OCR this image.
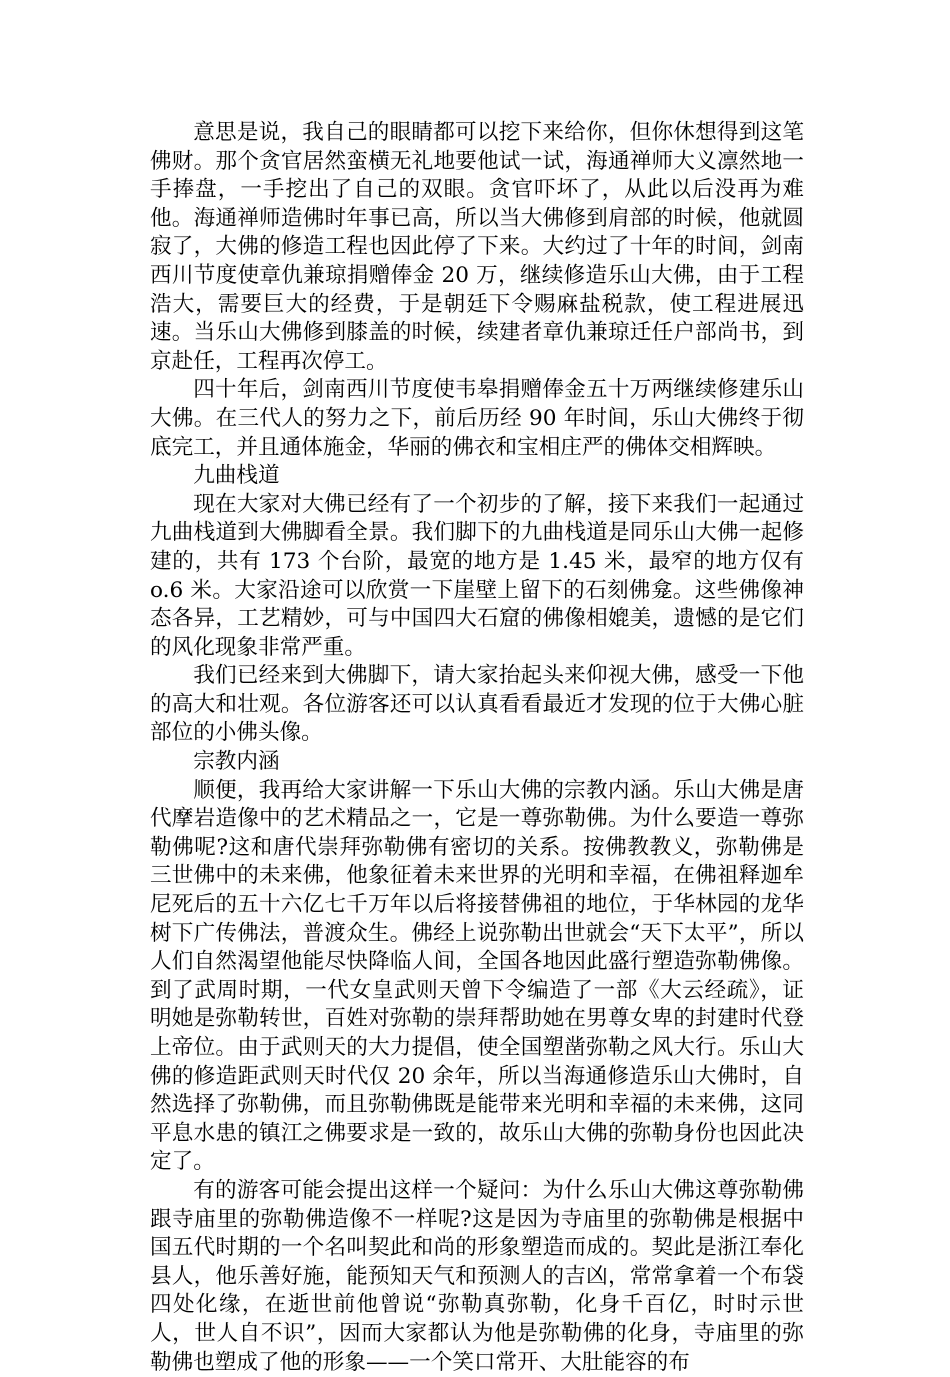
意思是说，我自己的眼睛都可以挖下来给你，但你休想得到这笔佛财。那个贪官居然蛮横无礼地要他试一试，海通禅师大义凛然地一手捧盘，一手挖出了自己的双眼。贪官吓坏了，从此以后没再为难他。海通禅师造佛时年事已高，所以当大佛修到肩部的时候，他就圆寂了，大佛的修造工程也因此停了下来。大约过了十年的时间，剑南西川节度使章仇兼琼捐赠俸金 20 万，继续修造乐山大佛，由于工程浩大，需要巨大的经费，于是朝廷下令赐麻盐税款，使工程进展迅速。当乐山大佛修到膝盖的时候，续建者章仇兼琼迁任户部尚书，到京赴任，工程再次停工。

四十年后，剑南西川节度使韦皋捐赠俸金五十万两继续修建乐山大佛。在三代人的努力之下，前后历经 90 年时间，乐山大佛终于彻底完工，并且通体施金，华丽的佛衣和宝相庄严的佛体交相辉映。

九曲栈道

现在大家对大佛已经有了一个初步的了解，接下来我们一起通过九曲栈道到大佛脚看全景。我们脚下的九曲栈道是同乐山大佛一起修建的，共有 173 个台阶，最宽的地方是 1.45 米，最窄的地方仅有 o.6 米。大家沿途可以欣赏一下崖壁上留下的石刻佛龛。这些佛像神态各异，工艺精妙，可与中国四大石窟的佛像相媲美，遗憾的是它们的风化现象非常严重。

我们已经来到大佛脚下，请大家抬起头来仰视大佛，感受一下他的高大和壮观。各位游客还可以认真看看最近才发现的位于大佛心脏部位的小佛头像。

宗教内涵

顺便，我再给大家讲解一下乐山大佛的宗教内涵。乐山大佛是唐代摩岩造像中的艺术精品之一，它是一尊弥勒佛。为什么要造一尊弥勒佛呢?这和唐代崇拜弥勒佛有密切的关系。按佛教教义，弥勒佛是三世佛中的未来佛，他象征着未来世界的光明和幸福，在佛祖释迦牟尼死后的五十六亿七千万年以后将接替佛祖的地位，于华林园的龙华树下广传佛法，普渡众生。佛经上说弥勒出世就会“天下太平”，所以人们自然渴望他能尽快降临人间，全国各地因此盛行塑造弥勒佛像。到了武周时期，一代女皇武则天曾下令编造了一部《大云经疏》，证明她是弥勒转世，百姓对弥勒的崇拜帮助她在男尊女卑的封建时代登上帝位。由于武则天的大力提倡，使全国塑凿弥勒之风大行。乐山大佛的修造距武则天时代仅 20 余年，所以当海通修造乐山大佛时，自然选择了弥勒佛，而且弥勒佛既是能带来光明和幸福的未来佛，这同平息水患的镇江之佛要求是一致的，故乐山大佛的弥勒身份也因此决定了。

有的游客可能会提出这样一个疑问：为什么乐山大佛这尊弥勒佛跟寺庙里的弥勒佛造像不一样呢?这是因为寺庙里的弥勒佛是根据中国五代时期的一个名叫契此和尚的形象塑造而成的。契此是浙江奉化县人，他乐善好施，能预知天气和预测人的吉凶，常常拿着一个布袋四处化缘，在逝世前他曾说“弥勒真弥勒，化身千百亿，时时示世人，世人自不识”，因而大家都认为他是弥勒佛的化身，寺庙里的弥勒佛也塑成了他的形象——一个笑口常开、大肚能容的布
